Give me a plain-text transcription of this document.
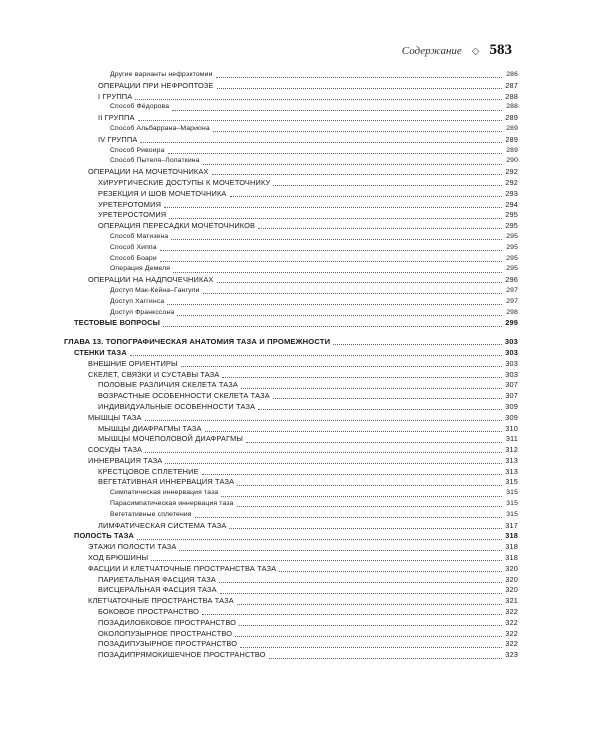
Содержание ◇ 583
Другие варианты нефрэктомии	286
ОПЕРАЦИИ ПРИ НЕФРОПТОЗЕ	287
I ГРУППА	288
Способ Фёдорова	288
II ГРУППА	289
Способ Альбаррана–Мариона	289
IV ГРУППА	289
Способ Ривоира	289
Способ Пытеля–Лопаткина	290
ОПЕРАЦИИ НА МОЧЕТОЧНИКАХ	292
ХИРУРГИЧЕСКИЕ ДОСТУПЫ К МОЧЕТОЧНИКУ	292
РЕЗЕКЦИЯ И ШОВ МОЧЕТОЧНИКА	293
УРЕТЕРОТОМИЯ	294
УРЕТЕРОСТОМИЯ	295
ОПЕРАЦИЯ ПЕРЕСАДКИ МОЧЕТОЧНИКОВ	295
Способ Матизена	295
Способ Хиппа	295
Способ Боари	295
Операция Демеля	295
ОПЕРАЦИИ НА НАДПОЧЕЧНИКАХ	296
Доступ Мак-Кейна–Гангули	297
Доступ Хаггинса	297
Доступ Франкссона	298
ТЕСТОВЫЕ ВОПРОСЫ	299
ГЛАВА 13. ТОПОГРАФИЧЕСКАЯ АНАТОМИЯ ТАЗА И ПРОМЕЖНОСТИ	303
СТЕНКИ ТАЗА	303
ВНЕШНИЕ ОРИЕНТИРЫ	303
СКЕЛЕТ, СВЯЗКИ И СУСТАВЫ ТАЗА	303
ПОЛОВЫЕ РАЗЛИЧИЯ СКЕЛЕТА ТАЗА	307
ВОЗРАСТНЫЕ ОСОБЕННОСТИ СКЕЛЕТА ТАЗА	307
ИНДИВИДУАЛЬНЫЕ ОСОБЕННОСТИ ТАЗА	309
МЫШЦЫ ТАЗА	309
МЫШЦЫ ДИАФРАГМЫ ТАЗА	310
МЫШЦЫ МОЧЕПОЛОВОЙ ДИАФРАГМЫ	311
СОСУДЫ ТАЗА	312
ИННЕРВАЦИЯ ТАЗА	313
КРЕСТЦОВОЕ СПЛЕТЕНИЕ	313
ВЕГЕТАТИВНАЯ ИННЕРВАЦИЯ ТАЗА	315
Симпатическая иннервация таза	315
Парасимпатическая иннервация таза	315
Вегетативные сплетения	315
ЛИМФАТИЧЕСКАЯ СИСТЕМА ТАЗА	317
ПОЛОСТЬ ТАЗА	318
ЭТАЖИ ПОЛОСТИ ТАЗА	318
ХОД БРЮШИНЫ	318
ФАСЦИИ И КЛЕТЧАТОЧНЫЕ ПРОСТРАНСТВА ТАЗА	320
ПАРИЕТАЛЬНАЯ ФАСЦИЯ ТАЗА	320
ВИСЦЕРАЛЬНАЯ ФАСЦИЯ ТАЗА	320
КЛЕТЧАТОЧНЫЕ ПРОСТРАНСТВА ТАЗА	321
БОКОВОЕ ПРОСТРАНСТВО	322
ПОЗАДИЛОБКОВОЕ ПРОСТРАНСТВО	322
ОКОЛОПУЗЫРНОЕ ПРОСТРАНСТВО	322
ПОЗАДИПУЗЫРНОЕ ПРОСТРАНСТВО	322
ПОЗАДИПРЯМОКИШЕЧНОЕ ПРОСТРАНСТВО	323
